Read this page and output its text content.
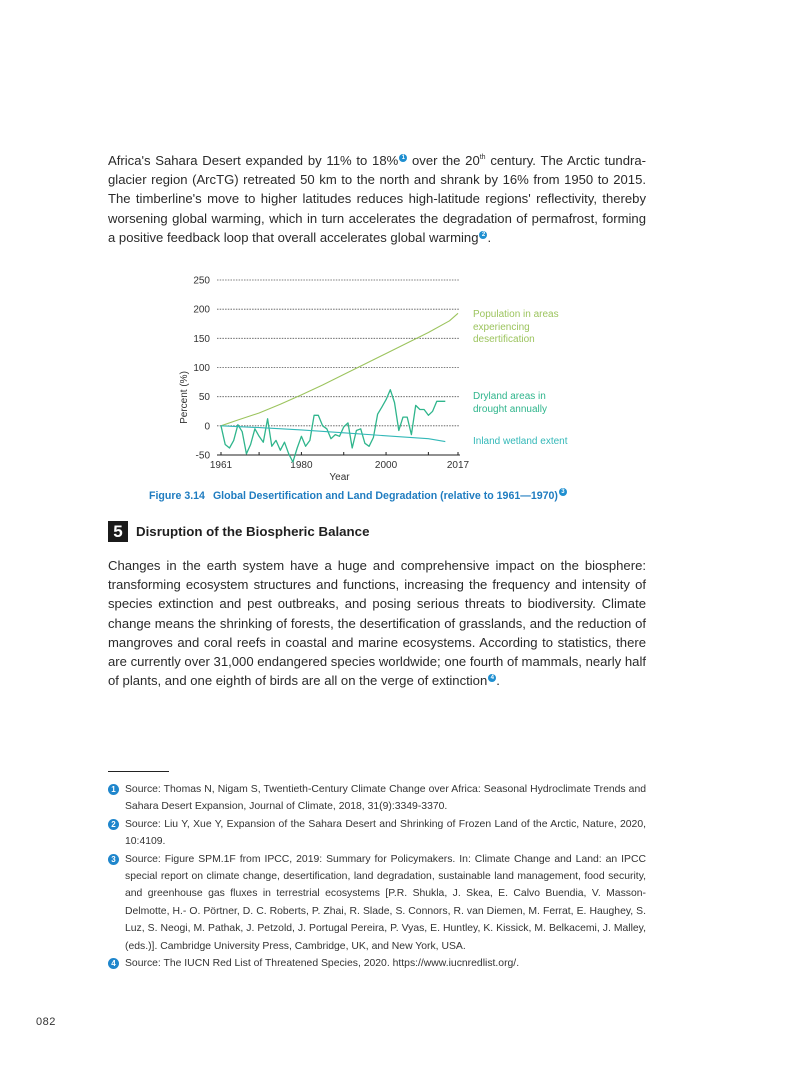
Africa's Sahara Desert expanded by 11% to 18% $^1$ over the 20th century. The Arctic tundra-glacier region (ArcTG) retreated 50 km to the north and shrank by 16% from 1950 to 2015. The timberline's move to higher latitudes reduces high-latitude regions' reflectivity, thereby worsening global warming, which in turn accelerates the degradation of permafrost, forming a positive feedback loop that overall accelerates global warming $^2$ .

250
200
150
100
50
0
-50
1961	1980	2000	2017
Year
Percent (%)
Population in areas
experiencing
desertification
Dryland areas in
drought annually
Inland wetland extent
Figure 3.14 Global Desertification and Land Degradation (relative to 1961—1970) $^3$
5 Disruption of the Biospheric Balance

Changes in the earth system have a huge and comprehensive impact on the biosphere: transforming ecosystem structures and functions, increasing the frequency and intensity of species extinction and pest outbreaks, and posing serious threats to biodiversity. Climate change means the shrinking of forests, the desertification of grasslands, and the reduction of mangroves and coral reefs in coastal and marine ecosystems. According to statistics, there are currently over 31,000 endangered species worldwide; one fourth of mammals, nearly half of plants, and one eighth of birds are all on the verge of extinction $^4$ .

1 Source: Thomas N, Nigam S, Twentieth-Century Climate Change over Africa: Seasonal Hydroclimate Trends and Sahara Desert Expansion, Journal of Climate, 2018, 31(9):3349-3370.
2 Source: Liu Y, Xue Y, Expansion of the Sahara Desert and Shrinking of Frozen Land of the Arctic, Nature, 2020, 10:4109.
3 Source: Figure SPM.1F from IPCC, 2019: Summary for Policymakers. In: Climate Change and Land: an IPCC special report on climate change, desertification, land degradation, sustainable land management, food security, and greenhouse gas fluxes in terrestrial ecosystems [P.R. Shukla, J. Skea, E. Calvo Buendia, V. Masson-Delmotte, H.- O. Pörtner, D. C. Roberts, P. Zhai, R. Slade, S. Connors, R. van Diemen, M. Ferrat, E. Haughey, S. Luz, S. Neogi, M. Pathak, J. Petzold, J. Portugal Pereira, P. Vyas, E. Huntley, K. Kissick, M. Belkacemi, J. Malley, (eds.)]. Cambridge University Press, Cambridge, UK, and New York, USA.
4 Source: The IUCN Red List of Threatened Species, 2020. https://www.iucnredlist.org/.
082
